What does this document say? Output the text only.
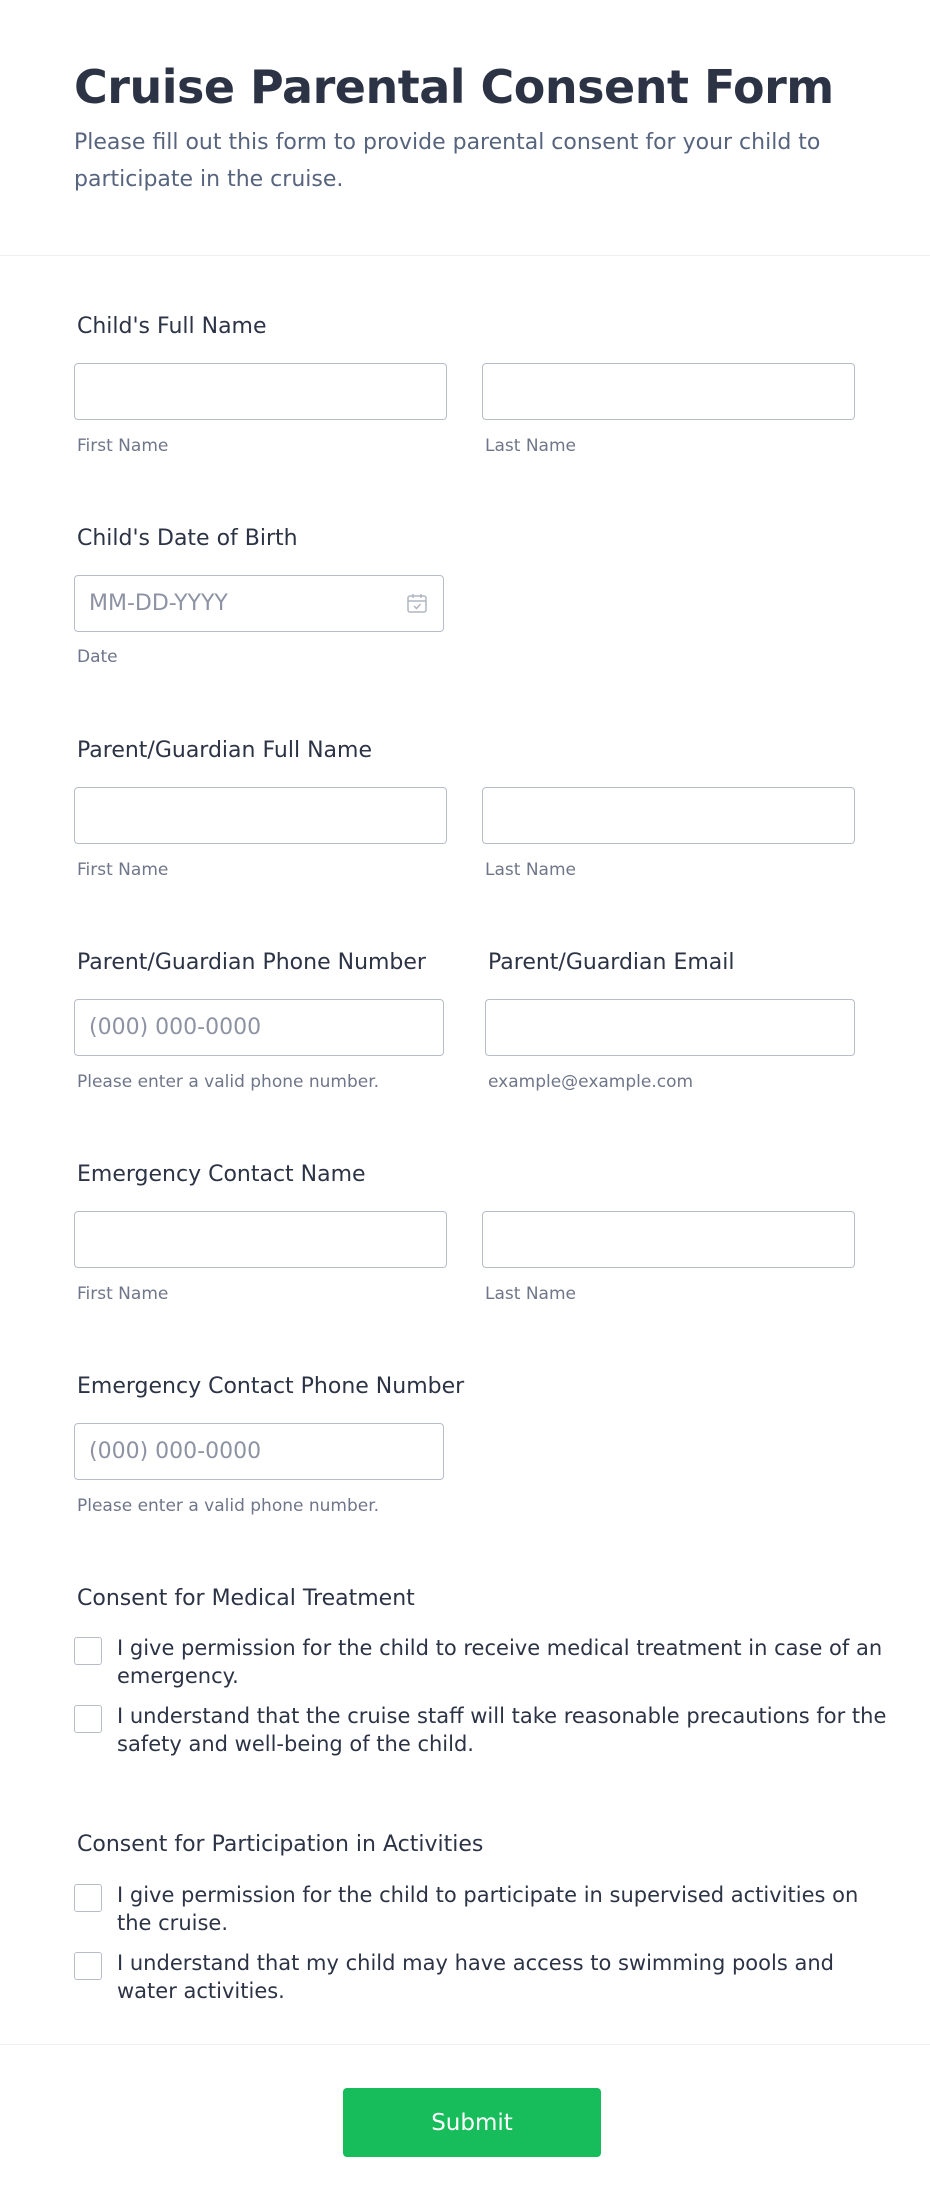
Cruise Parental Consent Form
Please fill out this form to provide parental consent for your child to participate in the cruise.
Child's Full Name
First Name	Last Name
Child's Date of Birth
MM-DD-YYYY
Date
Parent/Guardian Full Name
First Name	Last Name
Parent/Guardian Phone Number	Parent/Guardian Email
(000) 000-0000
Please enter a valid phone number.	example@example.com
Emergency Contact Name
First Name	Last Name
Emergency Contact Phone Number
(000) 000-0000
Please enter a valid phone number.
Consent for Medical Treatment
I give permission for the child to receive medical treatment in case of an emergency.
I understand that the cruise staff will take reasonable precautions for the safety and well-being of the child.
Consent for Participation in Activities
I give permission for the child to participate in supervised activities on the cruise.
I understand that my child may have access to swimming pools and water activities.
Submit
